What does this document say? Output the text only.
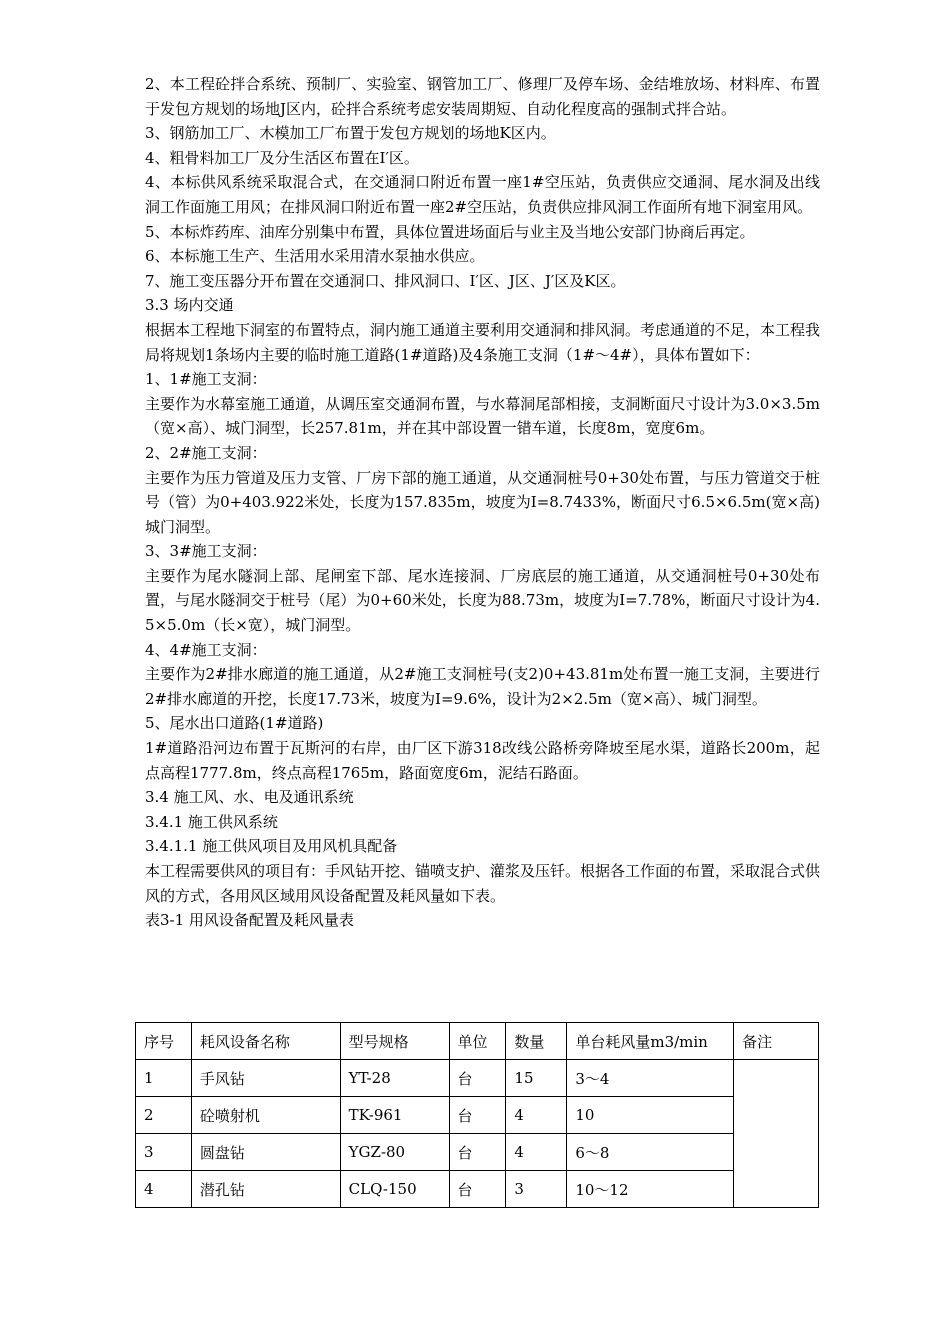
2、本工程砼拌合系统、预制厂、实验室、钢管加工厂、修理厂及停车场、金结堆放场、材料库、布置于发包方规划的场地J区内，砼拌合系统考虑安装周期短、自动化程度高的强制式拌合站。

3、钢筋加工厂、木模加工厂布置于发包方规划的场地K区内。

4、粗骨料加工厂及分生活区布置在I′区。

4、本标供风系统采取混合式，在交通洞口附近布置一座1#空压站，负责供应交通洞、尾水洞及出线洞工作面施工用风；在排风洞口附近布置一座2#空压站，负责供应排风洞工作面所有地下洞室用风。

5、本标炸药库、油库分别集中布置，具体位置进场面后与业主及当地公安部门协商后再定。

6、本标施工生产、生活用水采用清水泵抽水供应。

7、施工变压器分开布置在交通洞口、排风洞口、I′区、J区、J′区及K区。

3.3 场内交通

根据本工程地下洞室的布置特点，洞内施工通道主要利用交通洞和排风洞。考虑通道的不足，本工程我局将规划1条场内主要的临时施工道路(1#道路)及4条施工支洞（1#～4#），具体布置如下：

1、1#施工支洞：

主要作为水幕室施工通道，从调压室交通洞布置，与水幕洞尾部相接，支洞断面尺寸设计为3.0×3.5m（宽×高）、城门洞型，长257.81m，并在其中部设置一错车道，长度8m，宽度6m。

2、2#施工支洞：

主要作为压力管道及压力支管、厂房下部的施工通道，从交通洞桩号0+30处布置，与压力管道交于桩号（管）为0+403.922米处，长度为157.835m，坡度为I=8.7433%，断面尺寸6.5×6.5m(宽×高)城门洞型。

3、3#施工支洞：

主要作为尾水隧洞上部、尾闸室下部、尾水连接洞、厂房底层的施工通道，从交通洞桩号0+30处布置，与尾水隧洞交于桩号（尾）为0+60米处，长度为88.73m，坡度为I=7.78%，断面尺寸设计为4.5×5.0m（长×宽），城门洞型。

4、4#施工支洞：

主要作为2#排水廊道的施工通道，从2#施工支洞桩号(支2)0+43.81m处布置一施工支洞，主要进行2#排水廊道的开挖，长度17.73米，坡度为I=9.6%，设计为2×2.5m（宽×高）、城门洞型。

5、尾水出口道路(1#道路)

1#道路沿河边布置于瓦斯河的右岸，由厂区下游318改线公路桥旁降坡至尾水渠，道路长200m，起点高程1777.8m，终点高程1765m，路面宽度6m，泥结石路面。

3.4 施工风、水、电及通讯系统

3.4.1 施工供风系统

3.4.1.1 施工供风项目及用风机具配备

本工程需要供风的项目有：手风钻开挖、锚喷支护、灌浆及压钎。根据各工作面的布置，采取混合式供风的方式，各用风区域用风设备配置及耗风量如下表。

表3-1 用风设备配置及耗风量表

序号	耗风设备名称	型号规格	单位	数量	单台耗风量m3/min	备注
1	手风钻	YT-28	台	15	3～4	
2	砼喷射机	TK-961	台	4	10	
3	圆盘钻	YGZ-80	台	4	6～8	
4	潜孔钻	CLQ-150	台	3	10～12	
